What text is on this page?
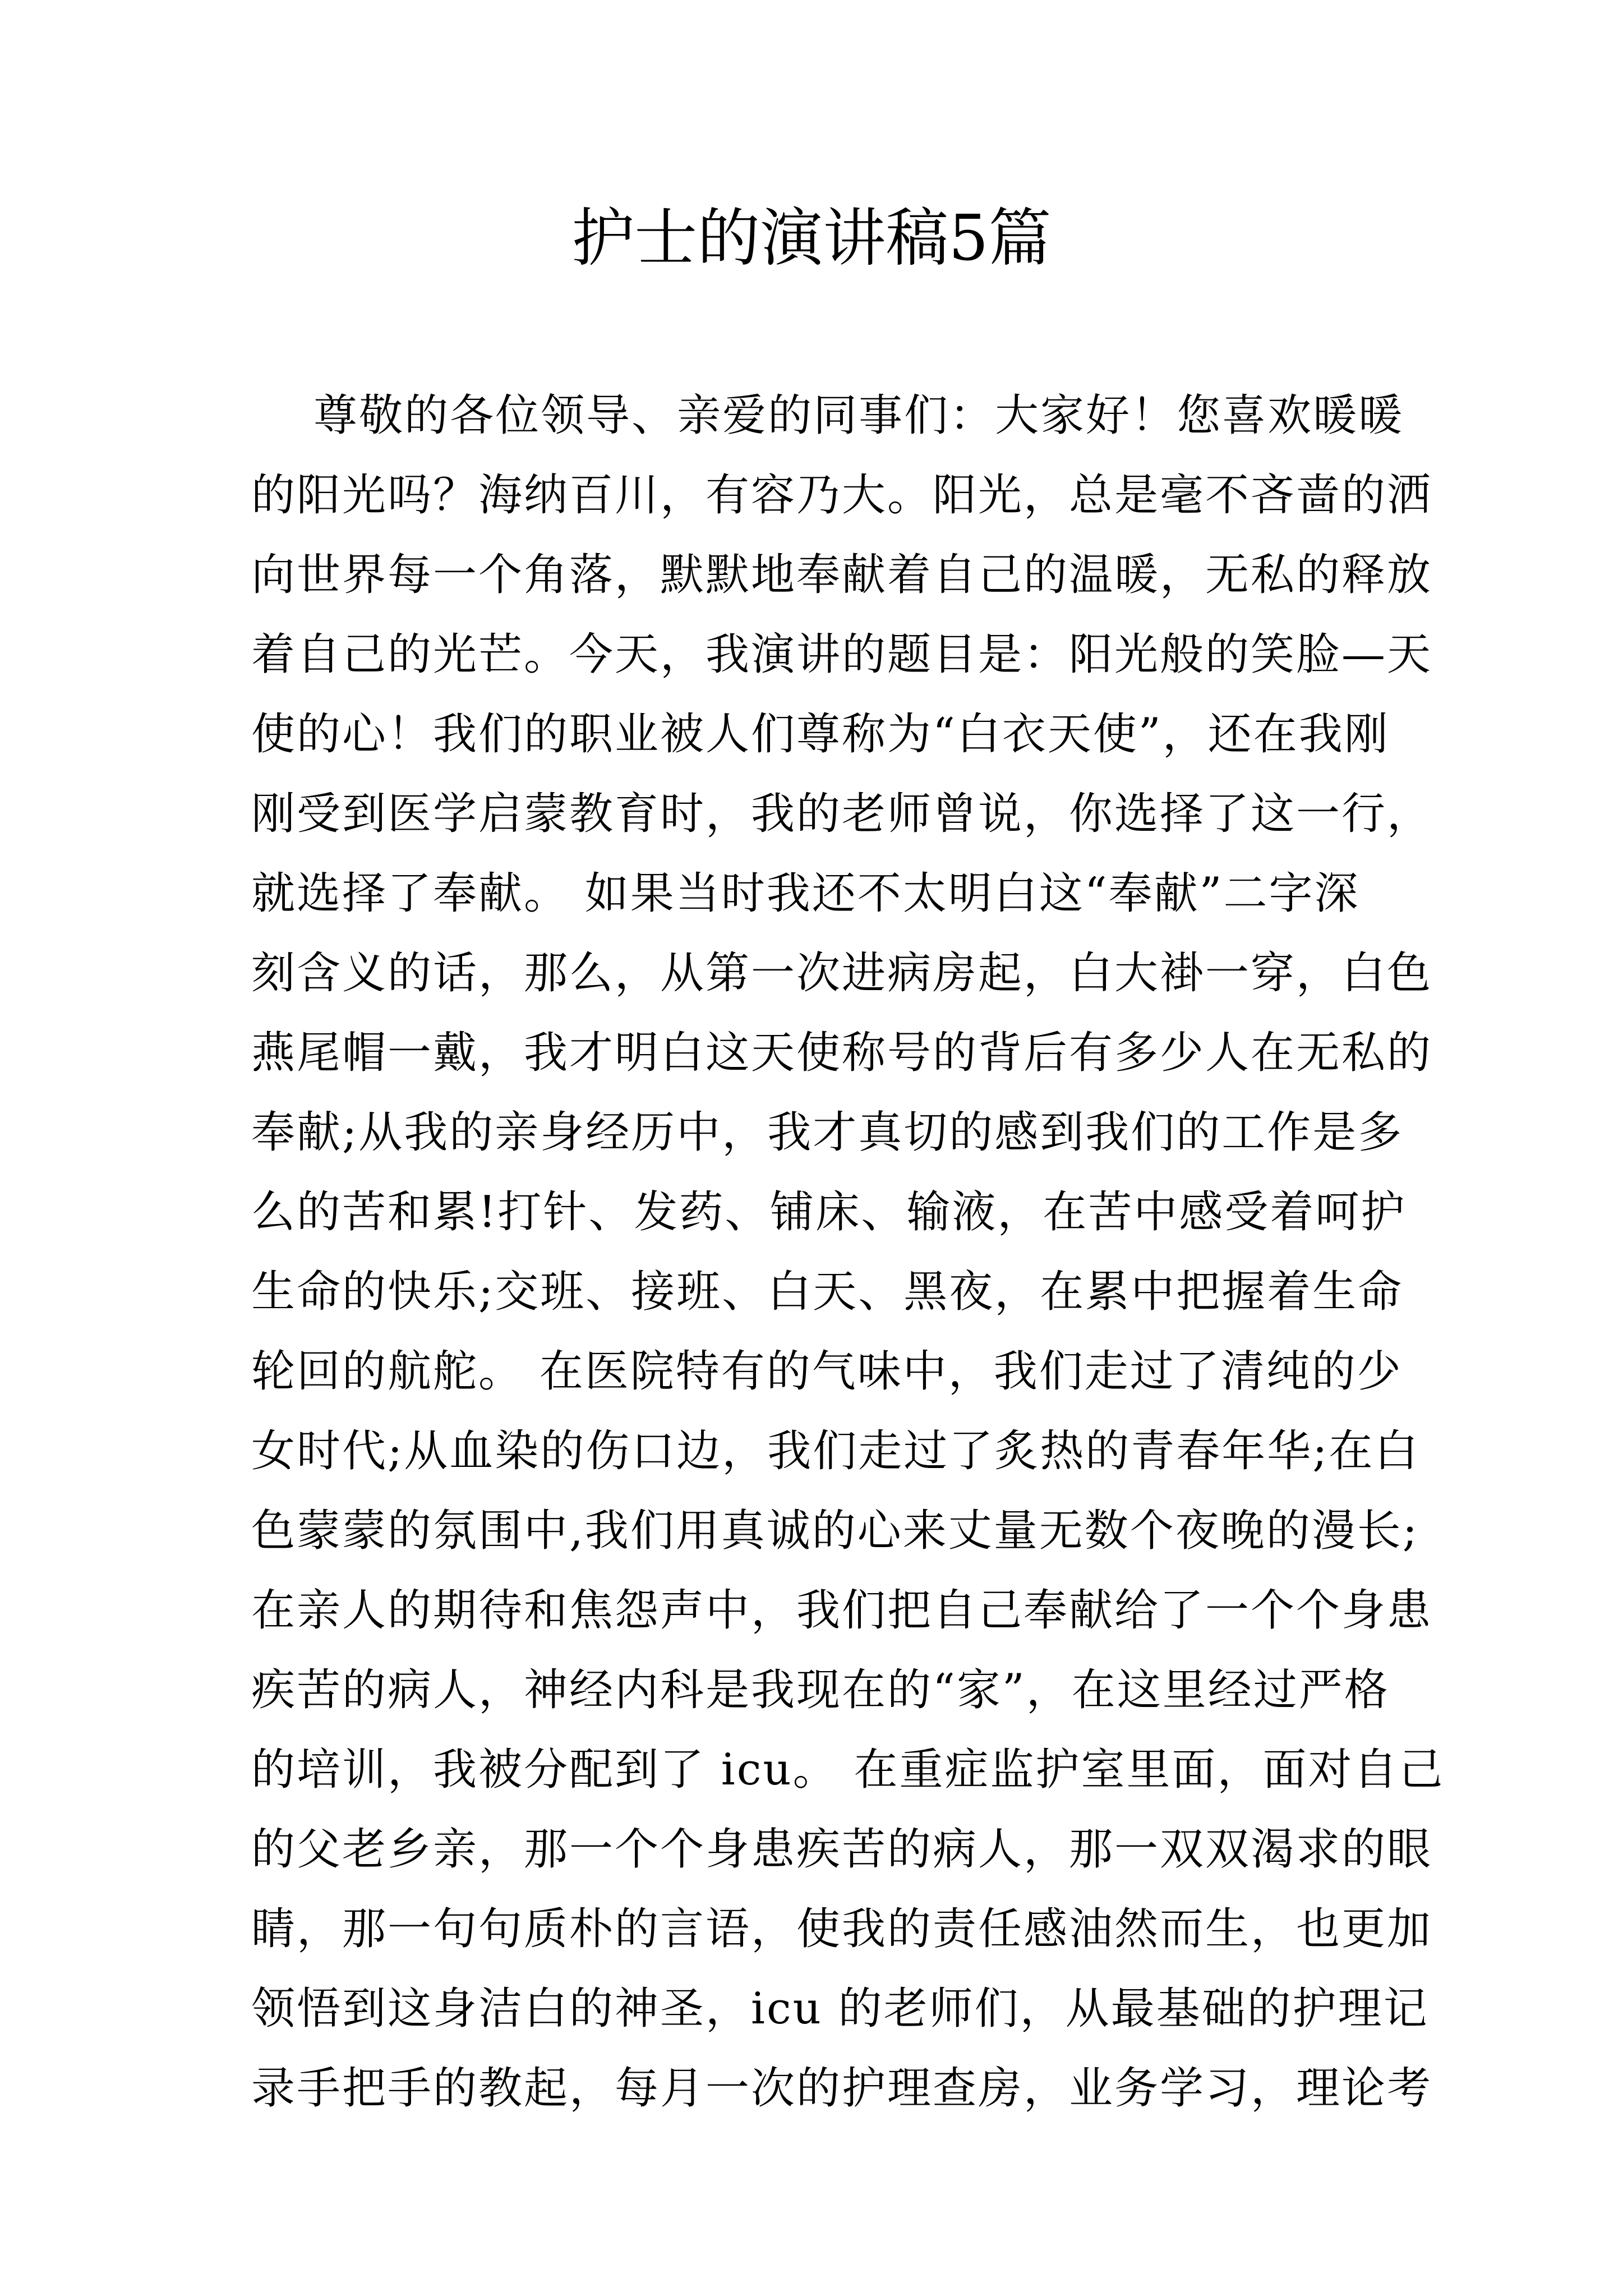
护士的演讲稿5篇
尊敬的各位领导、亲爱的同事们：大家好！您喜欢暖暖
的阳光吗？海纳百川，有容乃大。阳光，总是毫不吝啬的洒
向世界每一个角落，默默地奉献着自己的温暖，无私的释放
着自己的光芒。今天，我演讲的题目是：阳光般的笑脸—天
使的心！我们的职业被人们尊称为“白衣天使”，还在我刚
刚受到医学启蒙教育时，我的老师曾说，你选择了这一行，
就选择了奉献。 如果当时我还不太明白这“奉献”二字深
刻含义的话，那么，从第一次进病房起，白大褂一穿，白色
燕尾帽一戴，我才明白这天使称号的背后有多少人在无私的
奉献;从我的亲身经历中，我才真切的感到我们的工作是多
么的苦和累!打针、发药、铺床、输液，在苦中感受着呵护
生命的快乐;交班、接班、白天、黑夜，在累中把握着生命
轮回的航舵。 在医院特有的气味中，我们走过了清纯的少
女时代;从血染的伤口边，我们走过了炙热的青春年华;在白
色蒙蒙的氛围中,我们用真诚的心来丈量无数个夜晚的漫长;
在亲人的期待和焦怨声中，我们把自己奉献给了一个个身患
疾苦的病人，神经内科是我现在的“家”，在这里经过严格
的培训，我被分配到了 icu。 在重症监护室里面，面对自己
的父老乡亲，那一个个身患疾苦的病人，那一双双渴求的眼
睛，那一句句质朴的言语，使我的责任感油然而生，也更加
领悟到这身洁白的神圣，icu 的老师们，从最基础的护理记
录手把手的教起，每月一次的护理查房，业务学习，理论考
